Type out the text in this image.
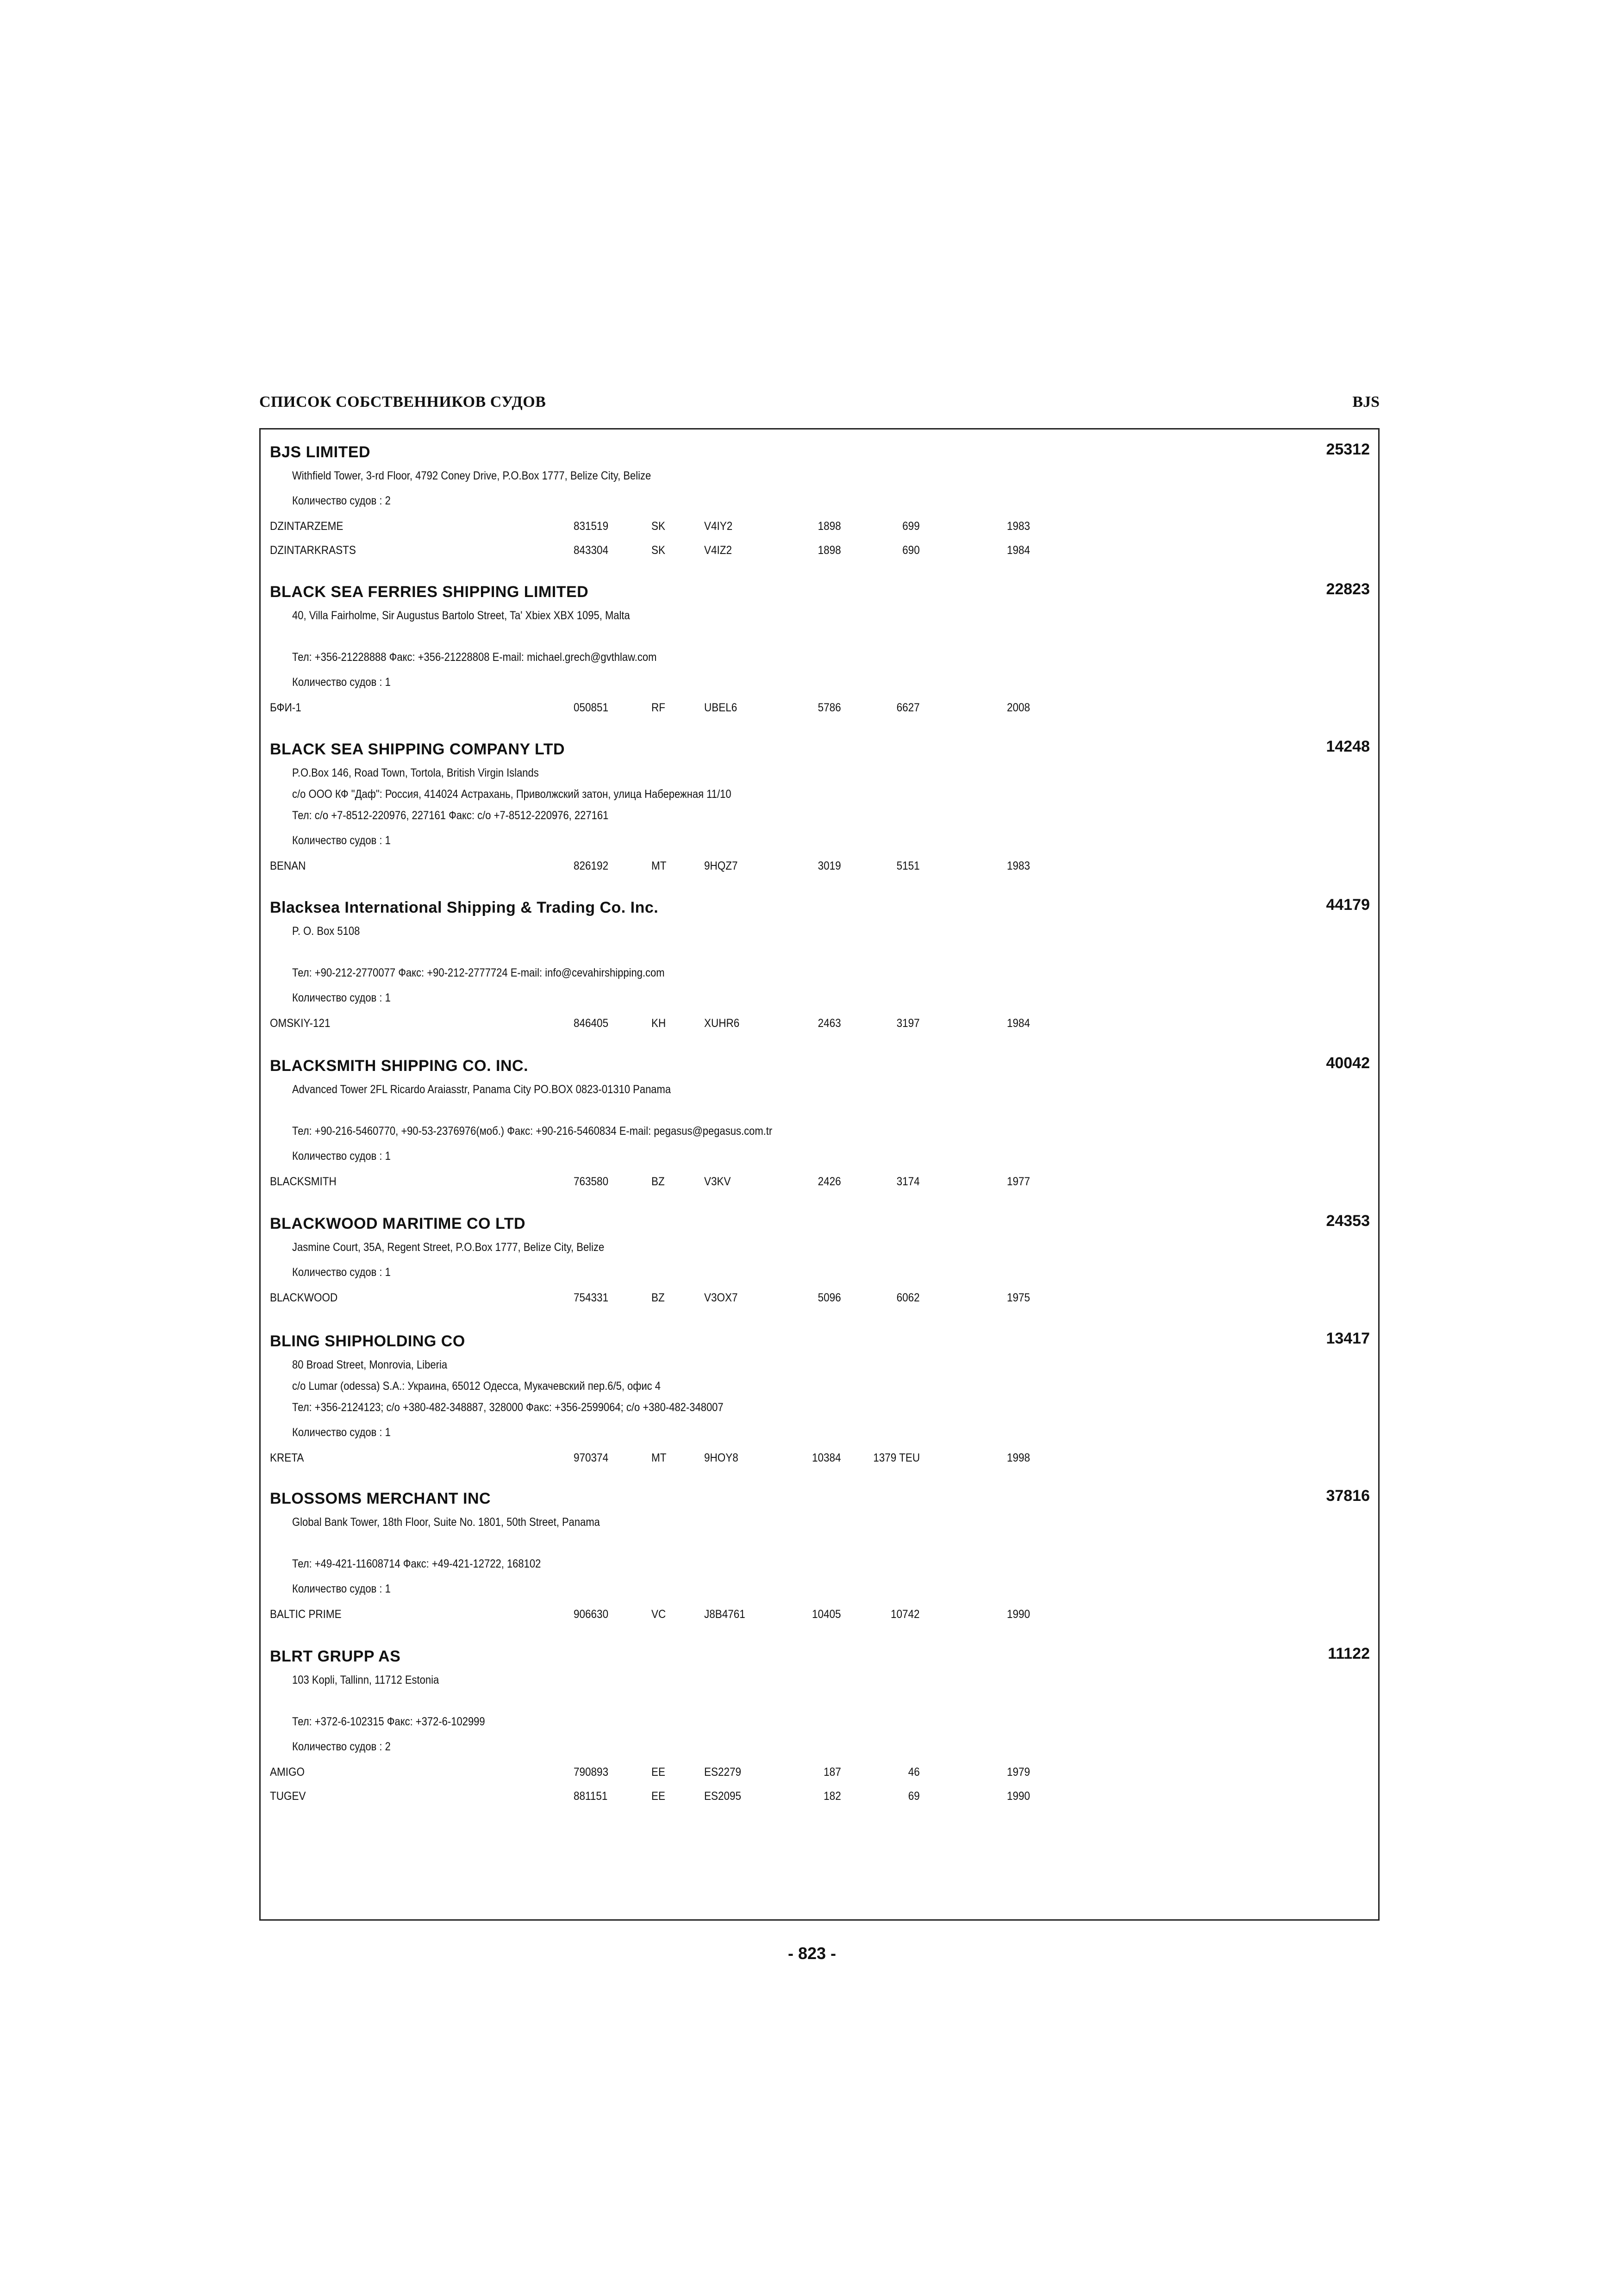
СПИСОК СОБСТВЕННИКОВ СУДОВ	BJS
BJS LIMITED	25312
Withfield Tower, 3-rd Floor, 4792 Coney Drive, P.O.Box 1777, Belize City, Belize
Количество судов : 2
DZINTARZEME	831519	SK	V4IY2	1898	699	1983
DZINTARKRASTS	843304	SK	V4IZ2	1898	690	1984
BLACK SEA FERRIES SHIPPING LIMITED	22823
40, Villa Fairholme, Sir Augustus Bartolo Street, Ta' Xbiex XBX 1095, Malta
Тел: +356-21228888 Факс: +356-21228808 E-mail: michael.grech@gvthlaw.com
Количество судов : 1
БФИ-1	050851	RF	UBEL6	5786	6627	2008
BLACK SEA SHIPPING COMPANY LTD	14248
P.O.Box 146, Road Town, Tortola, British Virgin Islands
c/o ООО КФ "Даф": Россия, 414024 Астрахань, Приволжский затон, улица Набережная 11/10
Тел: c/o +7-8512-220976, 227161 Факс: c/o +7-8512-220976, 227161
Количество судов : 1
BENAN	826192	MT	9HQZ7	3019	5151	1983
Blacksea International Shipping & Trading Co. Inc.	44179
P. O. Box 5108
Тел: +90-212-2770077 Факс: +90-212-2777724 E-mail: info@cevahirshipping.com
Количество судов : 1
OMSKIY-121	846405	KH	XUHR6	2463	3197	1984
BLACKSMITH SHIPPING CO. INC.	40042
Advanced Tower 2FL Ricardo Araiasstr, Panama City PO.BOX 0823-01310 Panama
Тел: +90-216-5460770, +90-53-2376976(моб.) Факс: +90-216-5460834 E-mail: pegasus@pegasus.com.tr
Количество судов : 1
BLACKSMITH	763580	BZ	V3KV	2426	3174	1977
BLACKWOOD MARITIME CO LTD	24353
Jasmine Court, 35A, Regent Street, P.O.Box 1777, Belize City, Belize
Количество судов : 1
BLACKWOOD	754331	BZ	V3OX7	5096	6062	1975
BLING SHIPHOLDING CO	13417
80 Broad Street, Monrovia, Liberia
c/o Lumar (odessa) S.A.: Украина, 65012 Одесса, Мукачевский пер.6/5, офис 4
Тел: +356-2124123; c/o +380-482-348887, 328000 Факс: +356-2599064; c/o +380-482-348007
Количество судов : 1
KRETA	970374	MT	9HOY8	10384	1379 TEU	1998
BLOSSOMS MERCHANT INC	37816
Global Bank Tower, 18th Floor, Suite No. 1801, 50th Street, Panama
Тел: +49-421-11608714 Факс: +49-421-12722, 168102
Количество судов : 1
BALTIC PRIME	906630	VC	J8B4761	10405	10742	1990
BLRT GRUPP AS	11122
103 Kopli, Tallinn, 11712 Estonia
Тел: +372-6-102315 Факс: +372-6-102999
Количество судов : 2
AMIGO	790893	EE	ES2279	187	46	1979
TUGEV	881151	EE	ES2095	182	69	1990
- 823 -
